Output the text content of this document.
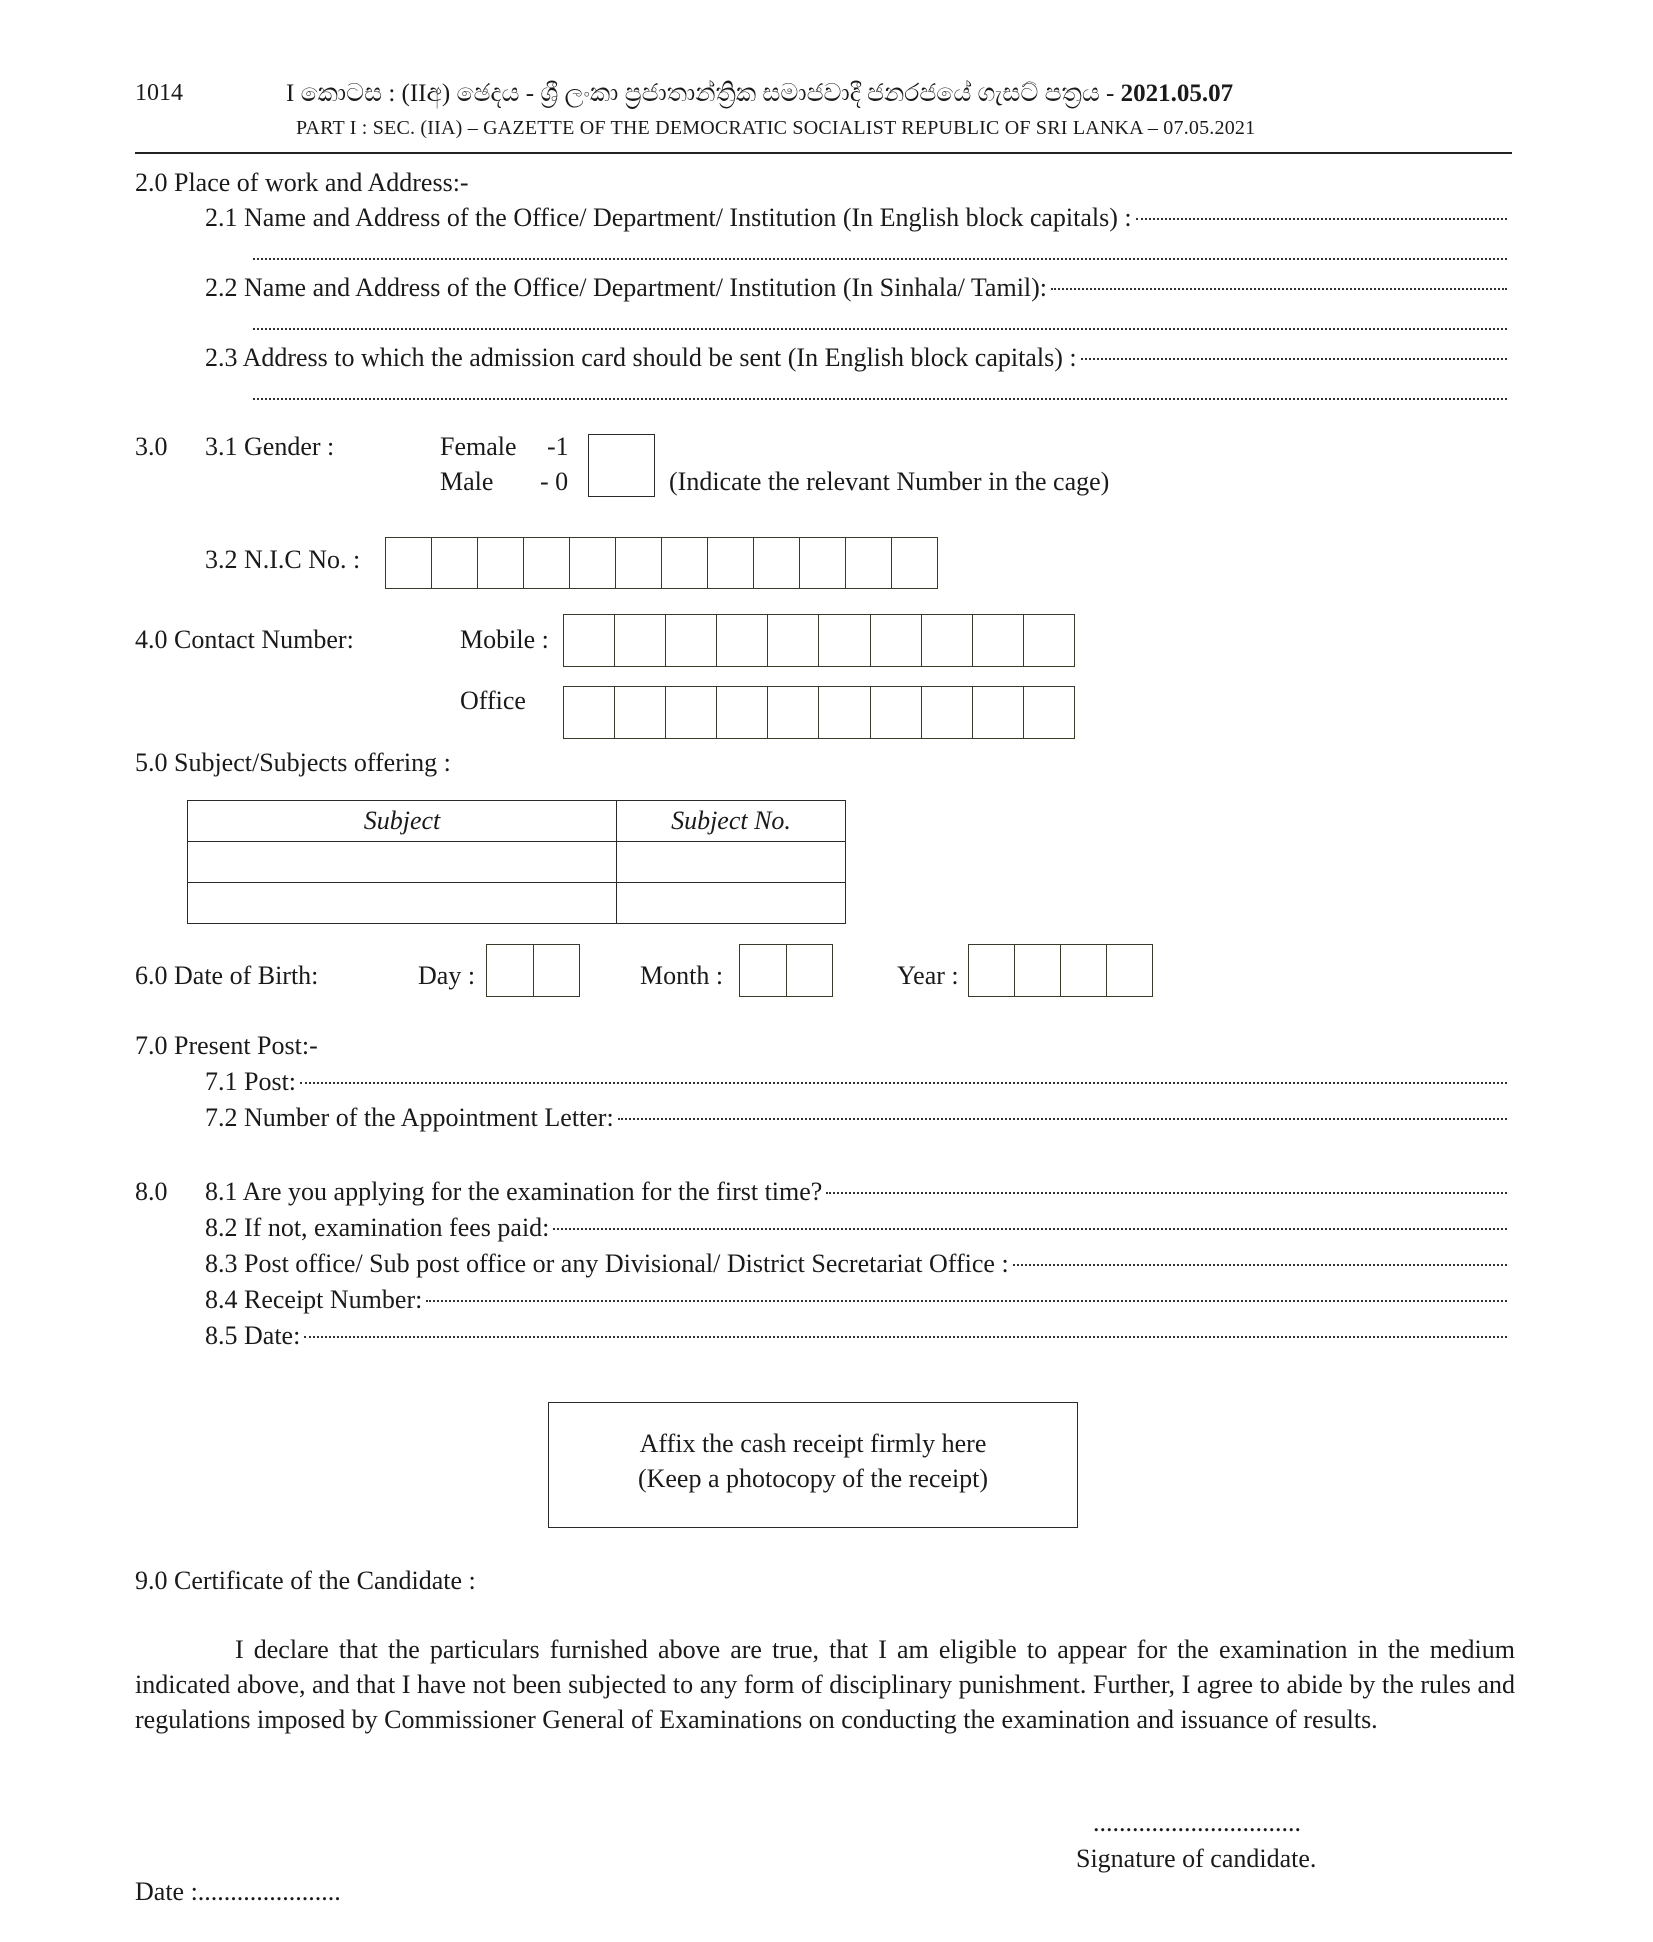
1014	I කොටස : (IIඅ) ඡෙදය - ශ්‍රී ලංකා ප්‍රජාතාන්ත්‍රික සමාජවාදී ජනරජයේ ගැසට් පත්‍රය - 2021.05.07
PART I : SEC. (IIA) – GAZETTE OF THE DEMOCRATIC SOCIALIST REPUBLIC OF SRI LANKA – 07.05.2021
2.0 Place of work and Address:-
2.1 Name and Address of the Office/ Department/ Institution (In English block capitals) :
2.2 Name and Address of the Office/ Department/ Institution (In Sinhala/ Tamil):
2.3 Address to which the admission card should be sent (In English block capitals) :
3.0 3.1 Gender :	Female -1
Male - 0	(Indicate the relevant Number in the cage)
3.2 N.I.C No. :
4.0 Contact Number:	Mobile :
Office
5.0 Subject/Subjects offering :
Subject	Subject No.

6.0 Date of Birth:	Day :	Month :	Year :
7.0 Present Post:-
7.1 Post:
7.2 Number of the Appointment Letter:
8.0 8.1 Are you applying for the examination for the first time?
8.2 If not, examination fees paid:
8.3 Post office/ Sub post office or any Divisional/ District Secretariat Office :
8.4 Receipt Number:
8.5 Date:
Affix the cash receipt firmly here
(Keep a photocopy of the receipt)
9.0 Certificate of the Candidate :
I declare that the particulars furnished above are true, that I am eligible to appear for the examination in the medium indicated above, and that I have not been subjected to any form of disciplinary punishment. Further, I agree to abide by the rules and regulations imposed by Commissioner General of Examinations on conducting the examination and issuance of results.
................................
Signature of candidate.
Date :......................
